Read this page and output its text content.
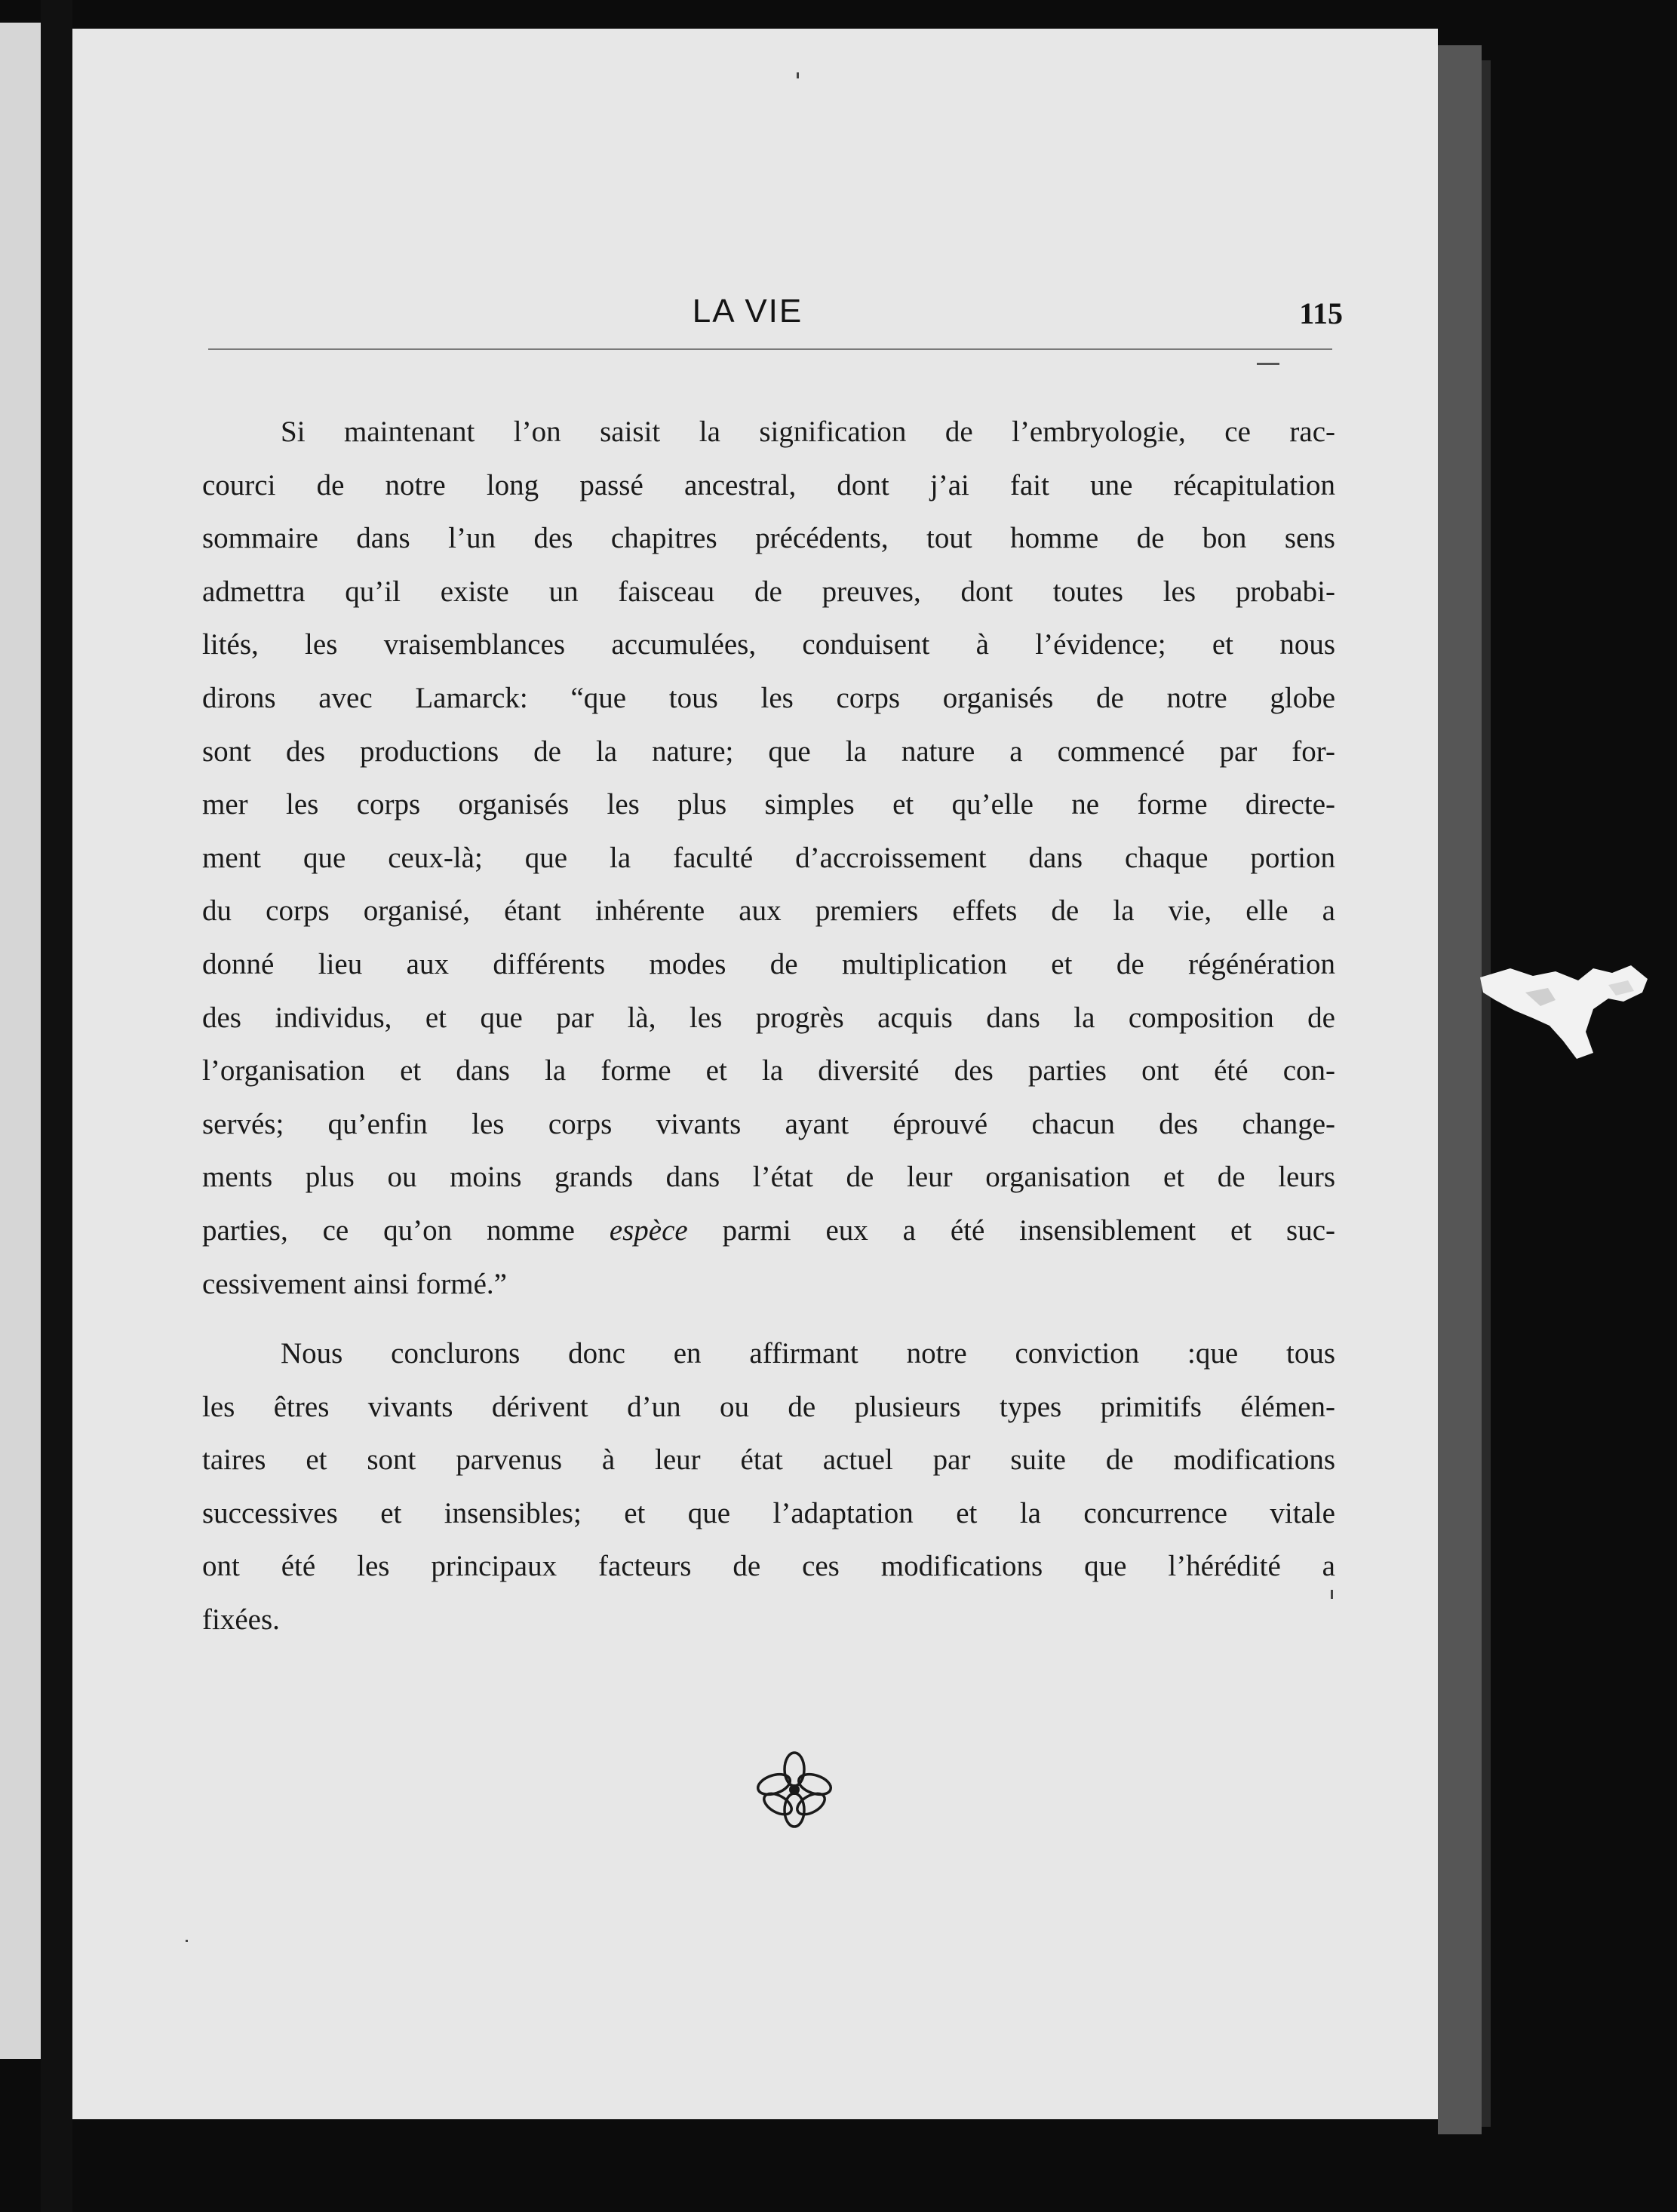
LA VIE	115
Si maintenant l’on saisit la signification de l’embryologie, ce rac-
courci de notre long passé ancestral, dont j’ai fait une récapitulation
sommaire dans l’un des chapitres précédents, tout homme de bon sens
admettra qu’il existe un faisceau de preuves, dont toutes les probabi-
lités, les vraisemblances accumulées, conduisent à l’évidence; et nous
dirons avec Lamarck: “que tous les corps organisés de notre globe
sont des productions de la nature; que la nature a commencé par for-
mer les corps organisés les plus simples et qu’elle ne forme directe-
ment que ceux-là; que la faculté d’accroissement dans chaque portion
du corps organisé, étant inhérente aux premiers effets de la vie, elle a
donné lieu aux différents modes de multiplication et de régénération
des individus, et que par là, les progrès acquis dans la composition de
l’organisation et dans la forme et la diversité des parties ont été con-
servés; qu’enfin les corps vivants ayant éprouvé chacun des change-
ments plus ou moins grands dans l’état de leur organisation et de leurs
parties, ce qu’on nomme espèce parmi eux a été insensiblement et suc-
cessivement ainsi formé.”
Nous conclurons donc en affirmant notre conviction :que tous
les êtres vivants dérivent d’un ou de plusieurs types primitifs élémen-
taires et sont parvenus à leur état actuel par suite de modifications
successives et insensibles; et que l’adaptation et la concurrence vitale
ont été les principaux facteurs de ces modifications que l’hérédité a
fixées.
